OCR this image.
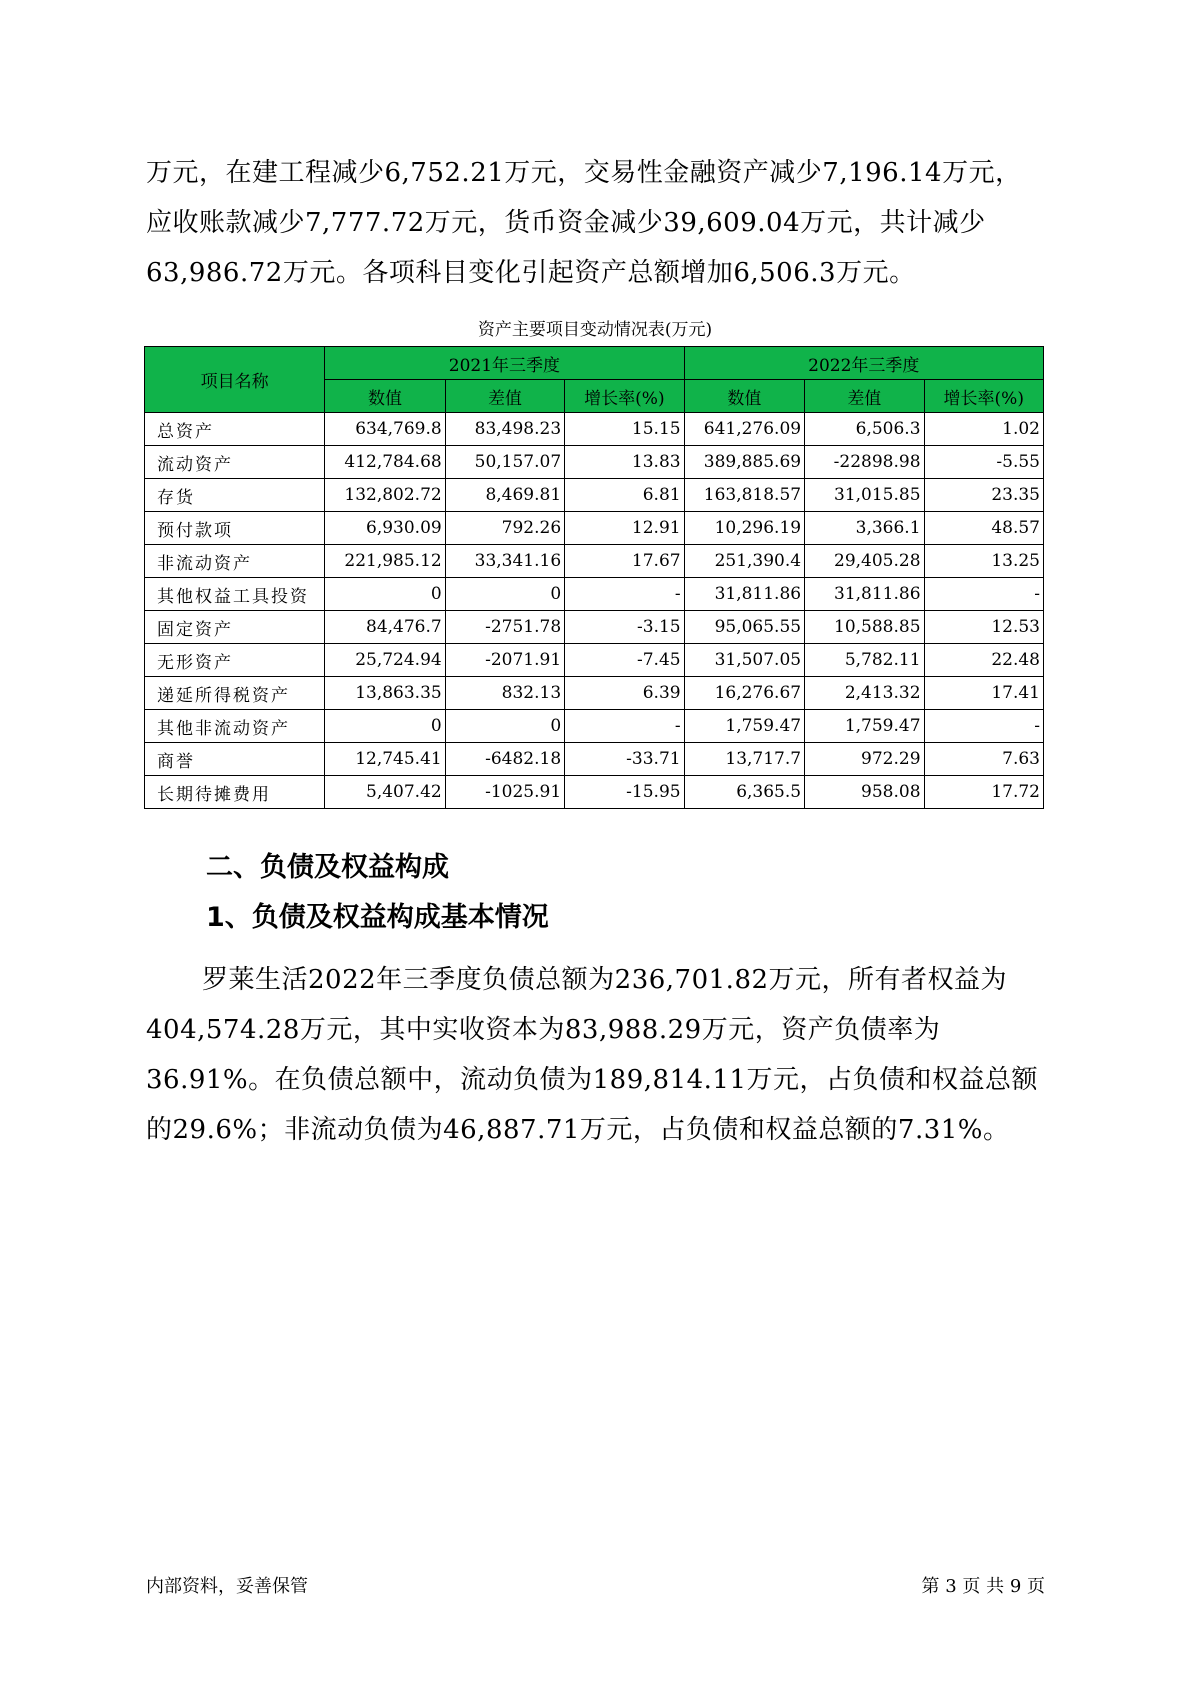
万元，在建工程减少6,752.21万元，交易性金融资产减少7,196.14万元，应收账款减少7,777.72万元，货币资金减少39,609.04万元，共计减少63,986.72万元。各项科目变化引起资产总额增加6,506.3万元。

资产主要项目变动情况表(万元)
项目名称	2021年三季度			2022年三季度		
	数值	差值	增长率(%)	数值	差值	增长率(%)
总资产	634,769.8	83,498.23	15.15	641,276.09	6,506.3	1.02
流动资产	412,784.68	50,157.07	13.83	389,885.69	-22898.98	-5.55
存货	132,802.72	8,469.81	6.81	163,818.57	31,015.85	23.35
预付款项	6,930.09	792.26	12.91	10,296.19	3,366.1	48.57
非流动资产	221,985.12	33,341.16	17.67	251,390.4	29,405.28	13.25
其他权益工具投资	0	0	-	31,811.86	31,811.86	-
固定资产	84,476.7	-2751.78	-3.15	95,065.55	10,588.85	12.53
无形资产	25,724.94	-2071.91	-7.45	31,507.05	5,782.11	22.48
递延所得税资产	13,863.35	832.13	6.39	16,276.67	2,413.32	17.41
其他非流动资产	0	0	-	1,759.47	1,759.47	-
商誉	12,745.41	-6482.18	-33.71	13,717.7	972.29	7.63
长期待摊费用	5,407.42	-1025.91	-15.95	6,365.5	958.08	17.72
二、负债及权益构成
1、负债及权益构成基本情况

罗莱生活2022年三季度负债总额为236,701.82万元，所有者权益为404,574.28万元，其中实收资本为83,988.29万元，资产负债率为36.91%。在负债总额中，流动负债为189,814.11万元，占负债和权益总额的29.6%；非流动负债为46,887.71万元，占负债和权益总额的7.31%。

内部资料，妥善保管	第 3 页 共 9 页
